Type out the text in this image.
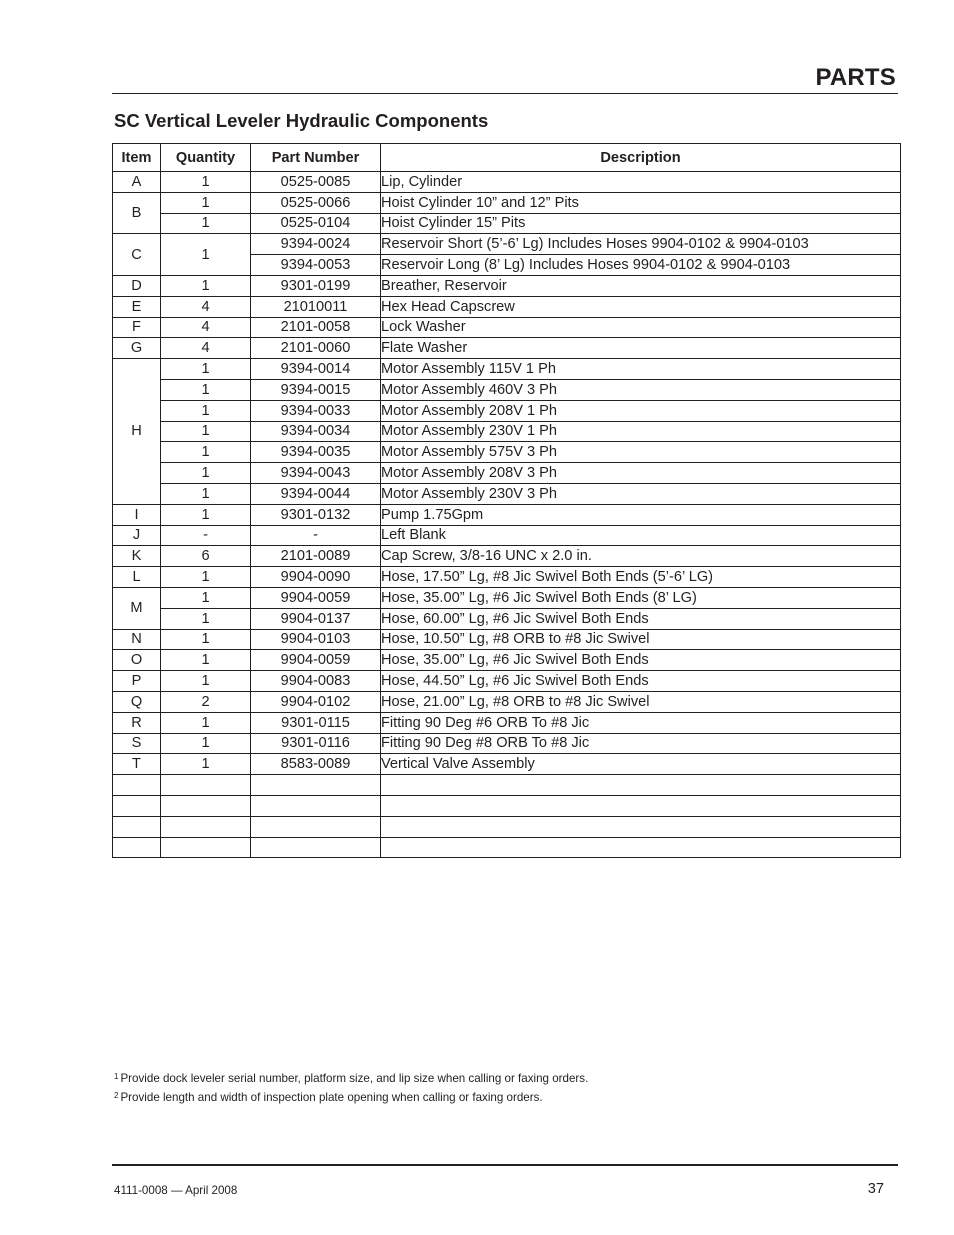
PARTS
SC Vertical Leveler Hydraulic Components
Item	Quantity	Part Number	Description
A	1	0525-0085	Lip, Cylinder
B	1	0525-0066	Hoist Cylinder 10” and 12” Pits
	1	0525-0104	Hoist Cylinder 15” Pits
C	1	9394-0024	Reservoir Short (5’-6’ Lg) Includes Hoses 9904-0102 & 9904-0103
		9394-0053	Reservoir Long (8’ Lg) Includes Hoses 9904-0102 & 9904-0103
D	1	9301-0199	Breather, Reservoir
E	4	21010011	Hex Head Capscrew
F	4	2101-0058	Lock Washer
G	4	2101-0060	Flate Washer
H	1	9394-0014	Motor Assembly 115V 1 Ph
	1	9394-0015	Motor Assembly 460V 3 Ph
	1	9394-0033	Motor Assembly 208V 1 Ph
	1	9394-0034	Motor Assembly 230V 1 Ph
	1	9394-0035	Motor Assembly 575V 3 Ph
	1	9394-0043	Motor Assembly 208V 3 Ph
	1	9394-0044	Motor Assembly 230V 3 Ph
I	1	9301-0132	Pump 1.75Gpm
J	-	-	Left Blank
K	6	2101-0089	Cap Screw, 3/8-16 UNC x 2.0 in.
L	1	9904-0090	Hose, 17.50” Lg, #8 Jic Swivel Both Ends (5’-6’ LG)
M	1	9904-0059	Hose, 35.00” Lg, #6 Jic Swivel Both Ends (8’ LG)
	1	9904-0137	Hose, 60.00” Lg, #6 Jic Swivel Both Ends
N	1	9904-0103	Hose, 10.50” Lg, #8 ORB to #8 Jic Swivel
O	1	9904-0059	Hose, 35.00” Lg, #6 Jic Swivel Both Ends
P	1	9904-0083	Hose, 44.50” Lg, #6 Jic Swivel Both Ends
Q	2	9904-0102	Hose, 21.00” Lg, #8 ORB to #8 Jic Swivel
R	1	9301-0115	Fitting 90 Deg #6 ORB To #8 Jic
S	1	9301-0116	Fitting 90 Deg #8 ORB To #8 Jic
T	1	8583-0089	Vertical Valve Assembly

$^1$ Provide dock leveler serial number, platform size, and lip size when calling or faxing orders.
$^2$ Provide length and width of inspection plate opening when calling or faxing orders.
4111-0008 — April 2008	37
